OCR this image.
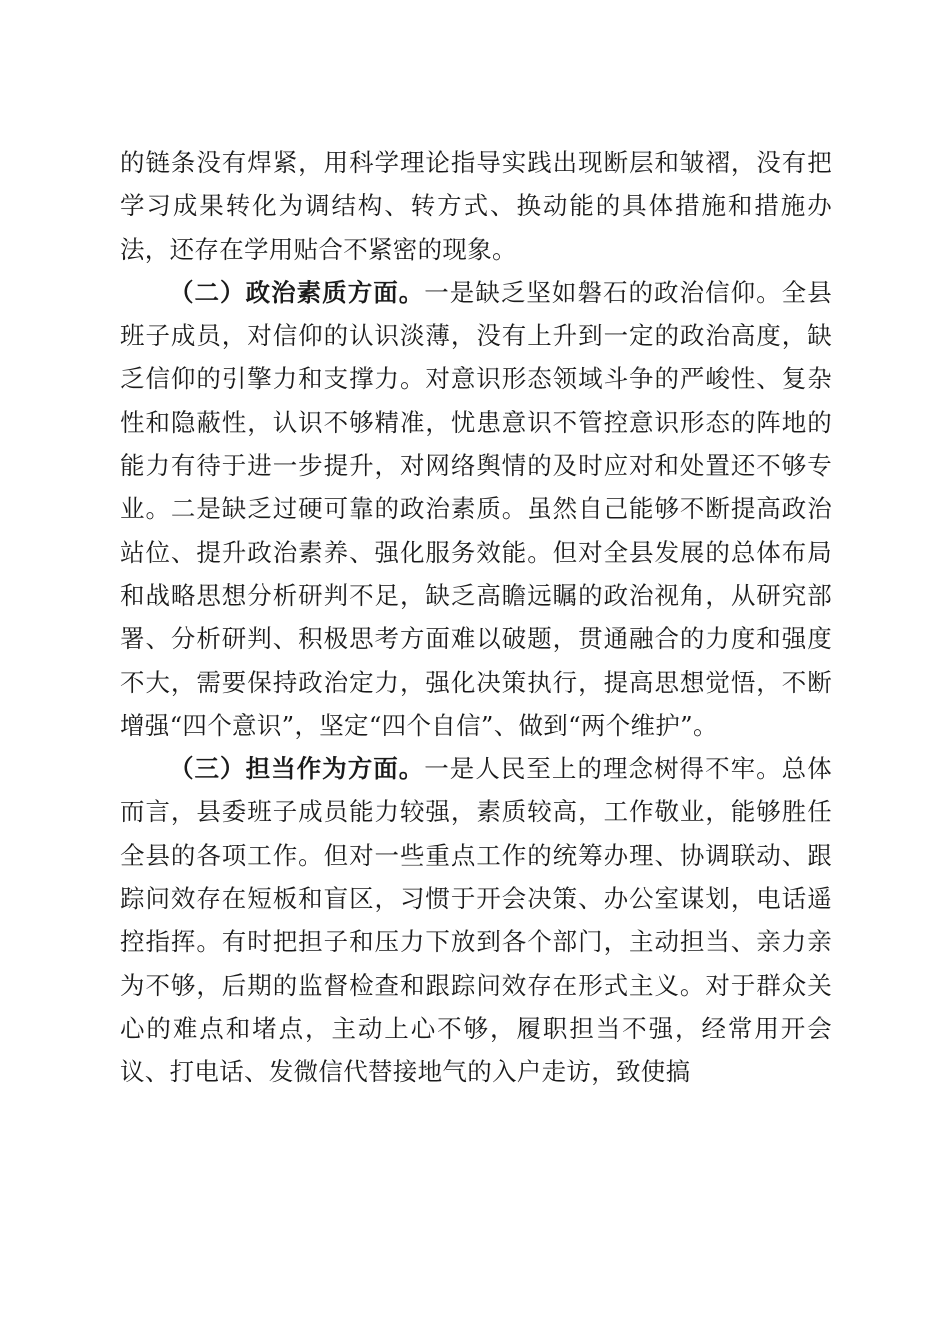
的链条没有焊紧，用科学理论指导实践出现断层和皱褶，没有把学习成果转化为调结构、转方式、换动能的具体措施和措施办法，还存在学用贴合不紧密的现象。

（二）政治素质方面。一是缺乏坚如磐石的政治信仰。全县班子成员，对信仰的认识淡薄，没有上升到一定的政治高度，缺乏信仰的引擎力和支撑力。对意识形态领域斗争的严峻性、复杂性和隐蔽性，认识不够精准，忧患意识不管控意识形态的阵地的能力有待于进一步提升，对网络舆情的及时应对和处置还不够专业。二是缺乏过硬可靠的政治素质。虽然自己能够不断提高政治站位、提升政治素养、强化服务效能。但对全县发展的总体布局和战略思想分析研判不足，缺乏高瞻远瞩的政治视角，从研究部署、分析研判、积极思考方面难以破题，贯通融合的力度和强度不大，需要保持政治定力，强化决策执行，提高思想觉悟，不断增强“四个意识”，坚定“四个自信”、做到“两个维护”。

（三）担当作为方面。一是人民至上的理念树得不牢。总体而言，县委班子成员能力较强，素质较高，工作敬业，能够胜任全县的各项工作。但对一些重点工作的统筹办理、协调联动、跟踪问效存在短板和盲区，习惯于开会决策、办公室谋划，电话遥控指挥。有时把担子和压力下放到各个部门，主动担当、亲力亲为不够，后期的监督检查和跟踪问效存在形式主义。对于群众关心的难点和堵点，主动上心不够，履职担当不强，经常用开会议、打电话、发微信代替接地气的入户走访，致使搞
